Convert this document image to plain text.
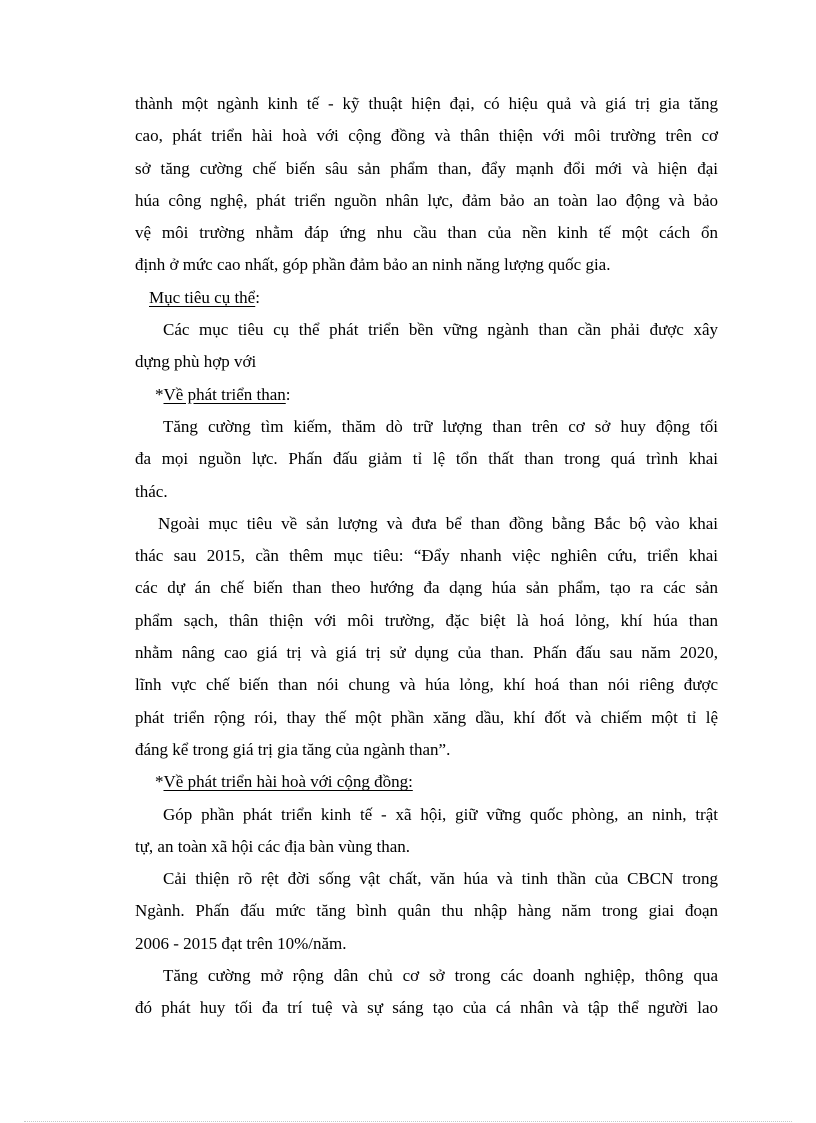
thành một ngành kinh tế - kỹ thuật hiện đại, có hiệu quả và giá trị gia tăng
cao, phát triển hài hoà với cộng đồng và thân thiện với môi trường trên cơ
sở tăng cường chế biến sâu sản phẩm than, đẩy mạnh đổi mới và hiện đại
húa công nghệ, phát triển nguồn nhân lực, đảm bảo an toàn lao động và bảo
vệ môi trường nhằm đáp ứng nhu cầu than của nền kinh tế một cách ổn
định ở mức cao nhất, góp phần đảm bảo an ninh năng lượng quốc gia.
Mục tiêu cụ thể:
Các mục tiêu cụ thể phát triển bền vững ngành than cần phải được xây
dựng phù hợp với
*Về phát triển than:
Tăng cường tìm kiếm, thăm dò trữ lượng than trên cơ sở huy động tối
đa mọi nguồn lực. Phấn đấu giảm tỉ lệ tổn thất than trong quá trình khai
thác.
Ngoài mục tiêu về sản lượng và đưa bể than đồng bằng Bắc bộ vào khai
thác sau 2015, cần thêm mục tiêu: “Đẩy nhanh việc nghiên cứu, triển khai
các dự án chế biến than theo hướng đa dạng húa sản phẩm, tạo ra các sản
phẩm sạch, thân thiện với môi trường, đặc biệt là hoá lỏng, khí húa than
nhằm nâng cao giá trị và giá trị sử dụng của than. Phấn đấu sau năm 2020,
lĩnh vực chế biến than nói chung và húa lỏng, khí hoá than nói riêng được
phát triển rộng rói, thay thế một phần xăng dầu, khí đốt và chiếm một tỉ lệ
đáng kể trong giá trị gia tăng của ngành than”.
*Về phát triển hài hoà với cộng đồng:
Góp phần phát triển kinh tế - xã hội, giữ vững quốc phòng, an ninh, trật
tự, an toàn xã hội các địa bàn vùng than.
Cải thiện rõ rệt đời sống vật chất, văn húa và tinh thần của CBCN trong
Ngành. Phấn đấu mức tăng bình quân thu nhập hàng năm trong giai đoạn
2006 - 2015 đạt trên 10%/năm.
Tăng cường mở rộng dân chủ cơ sở trong các doanh nghiệp, thông qua
đó phát huy tối đa trí tuệ và sự sáng tạo của cá nhân và tập thể người lao
